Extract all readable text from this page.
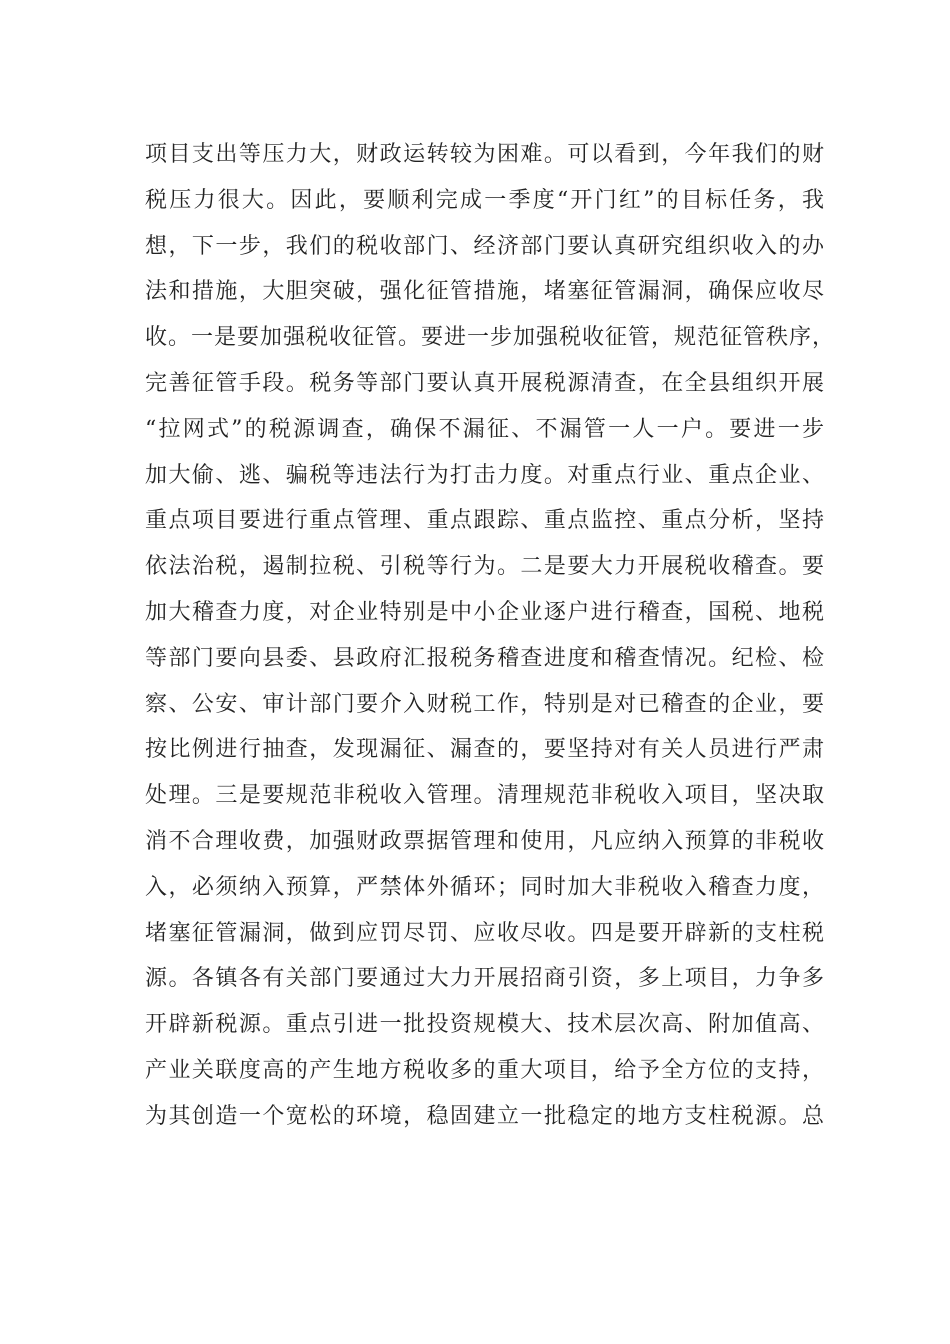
项目支出等压力大，财政运转较为困难。可以看到，今年我们的财
税压力很大。因此，要顺利完成一季度“开门红”的目标任务，我
想，下一步，我们的税收部门、经济部门要认真研究组织收入的办
法和措施，大胆突破，强化征管措施，堵塞征管漏洞，确保应收尽
收。一是要加强税收征管。要进一步加强税收征管，规范征管秩序，
完善征管手段。税务等部门要认真开展税源清查，在全县组织开展
“拉网式”的税源调查，确保不漏征、不漏管一人一户。要进一步
加大偷、逃、骗税等违法行为打击力度。对重点行业、重点企业、
重点项目要进行重点管理、重点跟踪、重点监控、重点分析，坚持
依法治税，遏制拉税、引税等行为。二是要大力开展税收稽查。要
加大稽查力度，对企业特别是中小企业逐户进行稽查，国税、地税
等部门要向县委、县政府汇报税务稽查进度和稽查情况。纪检、检
察、公安、审计部门要介入财税工作，特别是对已稽查的企业，要
按比例进行抽查，发现漏征、漏查的，要坚持对有关人员进行严肃
处理。三是要规范非税收入管理。清理规范非税收入项目，坚决取
消不合理收费，加强财政票据管理和使用，凡应纳入预算的非税收
入，必须纳入预算，严禁体外循环；同时加大非税收入稽查力度，
堵塞征管漏洞，做到应罚尽罚、应收尽收。四是要开辟新的支柱税
源。各镇各有关部门要通过大力开展招商引资，多上项目，力争多
开辟新税源。重点引进一批投资规模大、技术层次高、附加值高、
产业关联度高的产生地方税收多的重大项目，给予全方位的支持，
为其创造一个宽松的环境，稳固建立一批稳定的地方支柱税源。总
